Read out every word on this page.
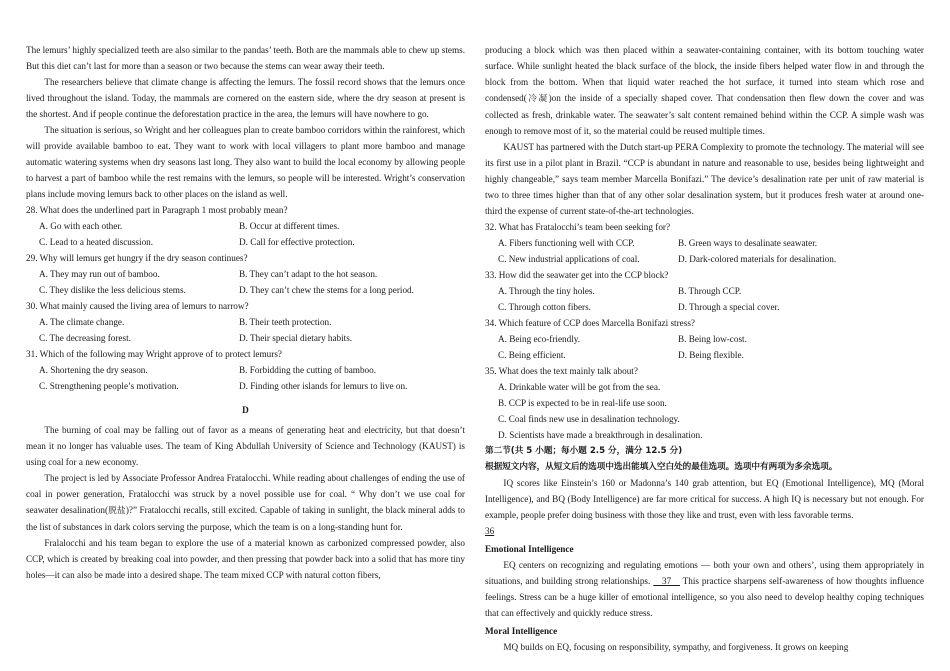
The lemurs’ highly specialized teeth are also similar to the pandas’ teeth. Both are the mammals able to chew up stems. But this diet can’t last for more than a season or two because the stems can wear away their teeth.

The researchers believe that climate change is affecting the lemurs. The fossil record shows that the lemurs once lived throughout the island. Today, the mammals are cornered on the eastern side, where the dry season at present is the shortest. And if people continue the deforestation practice in the area, the lemurs will have nowhere to go.

The situation is serious, so Wright and her colleagues plan to create bamboo corridors within the rainforest, which will provide available bamboo to eat. They want to work with local villagers to plant more bamboo and manage automatic watering systems when dry seasons last long. They also want to build the local economy by allowing people to harvest a part of bamboo while the rest remains with the lemurs, so people will be interested. Wright’s conservation plans include moving lemurs back to other places on the island as well.

28. What does the underlined part in Paragraph 1 most probably mean?

A. Go with each other.	B. Occur at different times.
C. Lead to a heated discussion.	D. Call for effective protection.

29. Why will lemurs get hungry if the dry season continues?

A. They may run out of bamboo.	B. They can’t adapt to the hot season.
C. They dislike the less delicious stems.	D. They can’t chew the stems for a long period.

30. What mainly caused the living area of lemurs to narrow?

A. The climate change.	B. Their teeth protection.
C. The decreasing forest.	D. Their special dietary habits.

31. Which of the following may Wright approve of to protect lemurs?

A. Shortening the dry season.	B. Forbidding the cutting of bamboo.
C. Strengthening people’s motivation.	D. Finding other islands for lemurs to live on.
D

The burning of coal may be falling out of favor as a means of generating heat and electricity, but that doesn’t mean it no longer has valuable uses. The team of King Abdullah University of Science and Technology (KAUST) is using coal for a new economy.

The project is led by Associate Professor Andrea Fratalocchi. While reading about challenges of ending the use of coal in power generation, Fratalocchi was struck by a novel possible use for coal. “ Why don’t we use coal for seawater desalination(脱盐)?” Fratalocchi recalls, still excited. Capable of taking in sunlight, the black mineral adds to the list of substances in dark colors serving the purpose, which the team is on a long-standing hunt for.

Fralalocchi and his team began to explore the use of a material known as carbonized compressed powder, also CCP, which is created by breaking coal into powder, and then pressing that powder back into a solid that has more tiny holes—it can also be made into a desired shape. The team mixed CCP with natural cotton fibers,

producing a block which was then placed within a seawater-containing container, with its bottom touching water surface. While sunlight heated the black surface of the block, the inside fibers helped water flow in and through the block from the bottom. When that liquid water reached the hot surface, it turned into steam which rose and condensed(冷凝)on the inside of a specially shaped cover. That condensation then flew down the cover and was collected as fresh, drinkable water. The seawater’s salt content remained behind within the CCP. A simple wash was enough to remove most of it, so the material could be reused multiple times.

KAUST has partnered with the Dutch start-up PERA Complexity to promote the technology. The material will see its first use in a pilot plant in Brazil. “CCP is abundant in nature and reasonable to use, besides being lightweight and highly changeable,” says team member Marcella Bonifazi.” The device’s desalination rate per unit of raw material is two to three times higher than that of any other solar desalination system, but it produces fresh water at around one-third the expense of current state-of-the-art technologies.

32. What has Fratalocchi’s team been seeking for?

A. Fibers functioning well with CCP.	B. Green ways to desalinate seawater.
C. New industrial applications of coal.	D. Dark-colored materials for desalination.

33. How did the seawater get into the CCP block?

A. Through the tiny holes.	B. Through CCP.
C. Through cotton fibers.	D. Through a special cover.

34. Which feature of CCP does Marcella Bonifazi stress?

A. Being eco-friendly.	B. Being low-cost.
C. Being efficient.	D. Being flexible.

35. What does the text mainly talk about?

A. Drinkable water will be got from the sea.
B. CCP is expected to be in real-life use soon.
C. Coal finds new use in desalination technology.
D. Scientists have made a breakthrough in desalination.

第二节(共 5 小题；每小题 2.5 分，满分 12.5 分)

根据短文内容，从短文后的选项中选出能填入空白处的最佳选项。选项中有两项为多余选项。

IQ scores like Einstein’s 160 or Madonna’s 140 grab attention, but EQ (Emotional Intelligence), MQ (Moral Intelligence), and BQ (Body Intelligence) are far more critical for success. A high IQ is necessary but not enough. For example, people prefer doing business with those they like and trust, even with less favorable terms.

36

Emotional Intelligence

EQ centers on recognizing and regulating emotions — both your own and others’, using them appropriately in situations, and building strong relationships. 37 This practice sharpens self-awareness of how thoughts influence feelings. Stress can be a huge killer of emotional intelligence, so you also need to develop healthy coping techniques that can effectively and quickly reduce stress.

Moral Intelligence

MQ builds on EQ, focusing on responsibility, sympathy, and forgiveness. It grows on keeping
